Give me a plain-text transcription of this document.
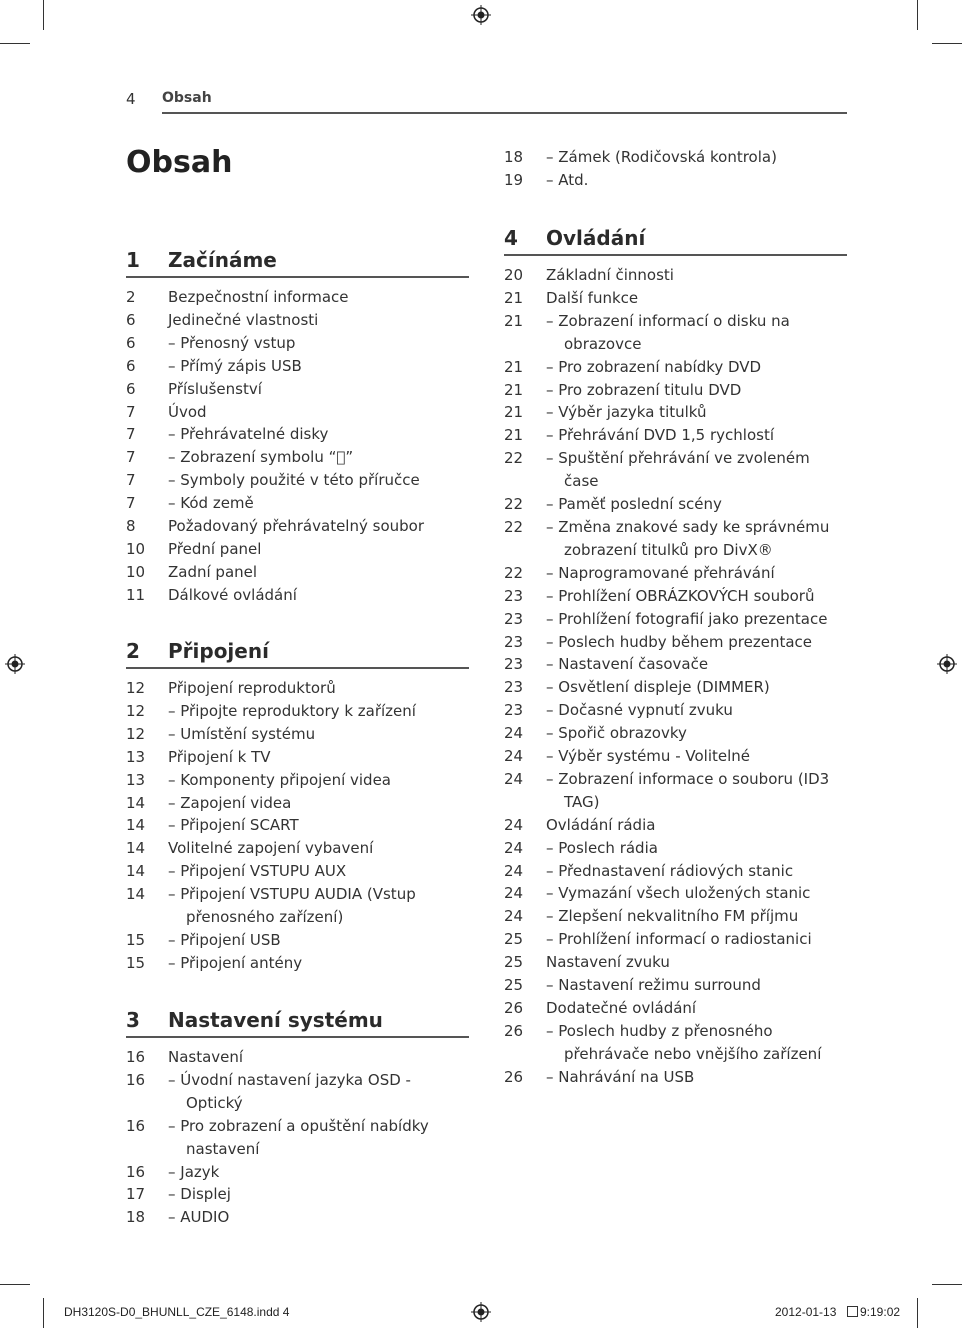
4 Obsah
Obsah
1 Začínáme
2	Bezpečnostní informace
6	Jedinečné vlastnosti
6	– Přenosný vstup
6	– Přímý zápis USB
6	Příslušenství
7	Úvod
7	– Přehrávatelné disky
7	– Zobrazení symbolu “⃠”
7	– Symboly použité v této příručce
7	– Kód země
8	Požadovaný přehrávatelný soubor
10	Přední panel
10	Zadní panel
11	Dálkové ovládání
2 Připojení
12	Připojení reproduktorů
12	– Připojte reproduktory k zařízení
12	– Umístění systému
13	Připojení k TV
13	– Komponenty připojení videa
14	– Zapojení videa
14	– Připojení SCART
14	Volitelné zapojení vybavení
14	– Připojení VSTUPU AUX
14	– Připojení VSTUPU AUDIA (Vstup přenosného zařízení)
15	– Připojení USB
15	– Připojení antény
3 Nastavení systému
16	Nastavení
16	– Úvodní nastavení jazyka OSD - Optický
16	– Pro zobrazení a opuštění nabídky nastavení
16	– Jazyk
17	– Displej
18	– AUDIO
18	– Zámek (Rodičovská kontrola)
19	– Atd.
4 Ovládání
20	Základní činnosti
21	Další funkce
21	– Zobrazení informací o disku na obrazovce
21	– Pro zobrazení nabídky DVD
21	– Pro zobrazení titulu DVD
21	– Výběr jazyka titulků
21	– Přehrávání DVD 1,5 rychlostí
22	– Spuštění přehrávání ve zvoleném čase
22	– Paměť poslední scény
22	– Změna znakové sady ke správnému zobrazení titulků pro DivX®
22	– Naprogramované přehrávání
23	– Prohlížení OBRÁZKOVÝCH souborů
23	– Prohlížení fotografií jako prezentace
23	– Poslech hudby během prezentace
23	– Nastavení časovače
23	– Osvětlení displeje (DIMMER)
23	– Dočasné vypnutí zvuku
24	– Spořič obrazovky
24	– Výběr systému - Volitelné
24	– Zobrazení informace o souboru (ID3 TAG)
24	Ovládání rádia
24	– Poslech rádia
24	– Přednastavení rádiových stanic
24	– Vymazání všech uložených stanic
24	– Zlepšení nekvalitního FM příjmu
25	– Prohlížení informací o radiostanici
25	Nastavení zvuku
25	– Nastavení režimu surround
26	Dodatečné ovládání
26	– Poslech hudby z přenosného přehrávače nebo vnějšího zařízení
26	– Nahrávání na USB
DH3120S-D0_BHUNLL_CZE_6148.indd 4	2012-01-13 9:19:02
